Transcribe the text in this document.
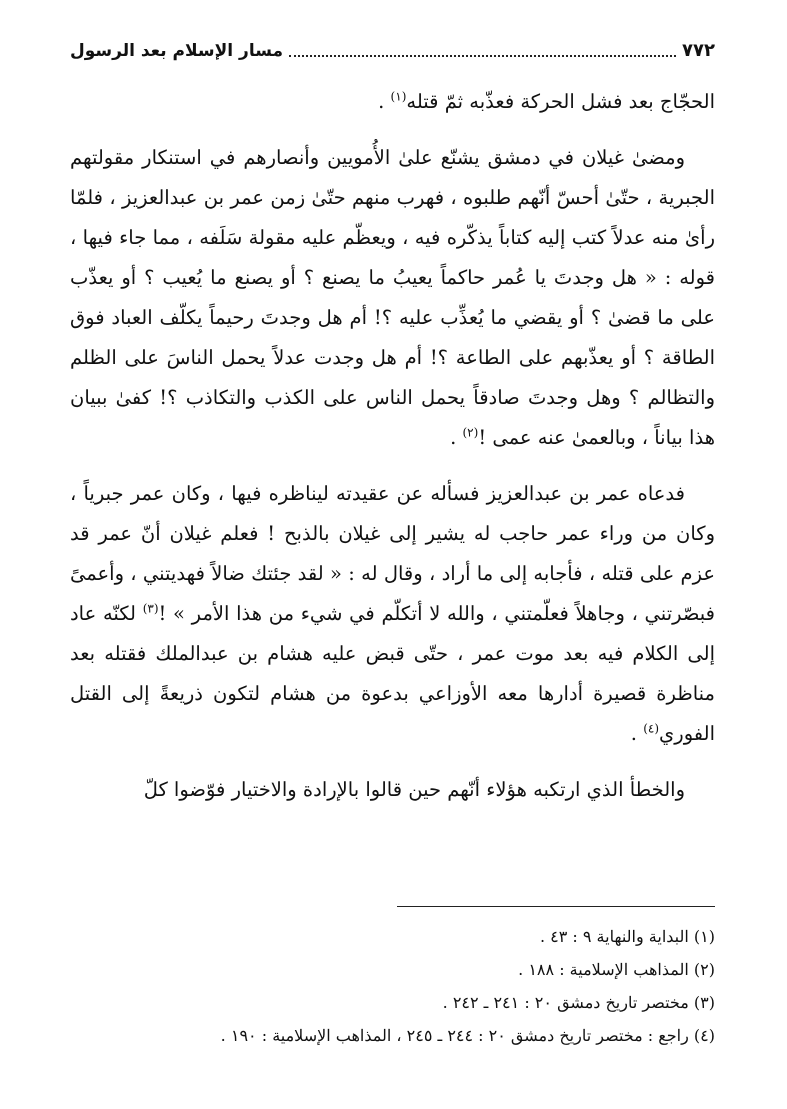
٧٧٢
مسار الإسلام بعد الرسول

الحجّاج بعد فشل الحركة فعذّبه ثمّ قتله$^{(١)}$ .

ومضىٰ غيلان في دمشق يشنّع علىٰ الأُمويين وأنصارهم في استنكار مقولتهم الجبرية ، حتّىٰ أحسّ أنّهم طلبوه ، فهرب منهم حتّىٰ زمن عمر بن عبدالعزيز ، فلمّا رأىٰ منه عدلاً كتب إليه كتاباً يذكّره فيه ، ويعظّم عليه مقولة سَلَفه ، مما جاء فيها ، قوله : « هل وجدتَ يا عُمر حاكماً يعيبُ ما يصنع ؟ أو يصنع ما يُعيب ؟ أو يعذّب على ما قضىٰ ؟ أو يقضي ما يُعذِّب عليه ؟! أم هل وجدتَ رحيماً يكلّف العباد فوق الطاقة ؟ أو يعذّبهم على الطاعة ؟! أم هل وجدت عدلاً يحمل الناسَ على الظلم والتظالم ؟ وهل وجدتَ صادقاً يحمل الناس على الكذب والتكاذب ؟! كفىٰ ببيان هذا بياناً ، وبالعمىٰ عنه عمى !$^{(٢)}$ .

فدعاه عمر بن عبدالعزيز فسأله عن عقيدته ليناظره فيها ، وكان عمر جبرياً ، وكان من وراء عمر حاجب له يشير إلى غيلان بالذبح ! فعلم غيلان أنّ عمر قد عزم على قتله ، فأجابه إلى ما أراد ، وقال له : « لقد جئتك ضالاً فهديتني ، وأعمىً فبصّرتني ، وجاهلاً فعلّمتني ، والله لا أتكلّم في شيء من هذا الأمر » !$^{(٣)}$ لكنّه عاد إلى الكلام فيه بعد موت عمر ، حتّى قبض عليه هشام بن عبدالملك فقتله بعد مناظرة قصيرة أدارها معه الأوزاعي بدعوة من هشام لتكون ذريعةً إلى القتل الفوري$^{(٤)}$ .

والخطأ الذي ارتكبه هؤلاء أنّهم حين قالوا بالإرادة والاختيار فوّضوا كلّ

(١) البداية والنهاية ٩ : ٤٣ .
(٢) المذاهب الإسلامية : ١٨٨ .
(٣) مختصر تاريخ دمشق ٢٠ : ٢٤١ ـ ٢٤٢ .
(٤) راجع : مختصر تاريخ دمشق ٢٠ : ٢٤٤ ـ ٢٤٥ ، المذاهب الإسلامية : ١٩٠ .
